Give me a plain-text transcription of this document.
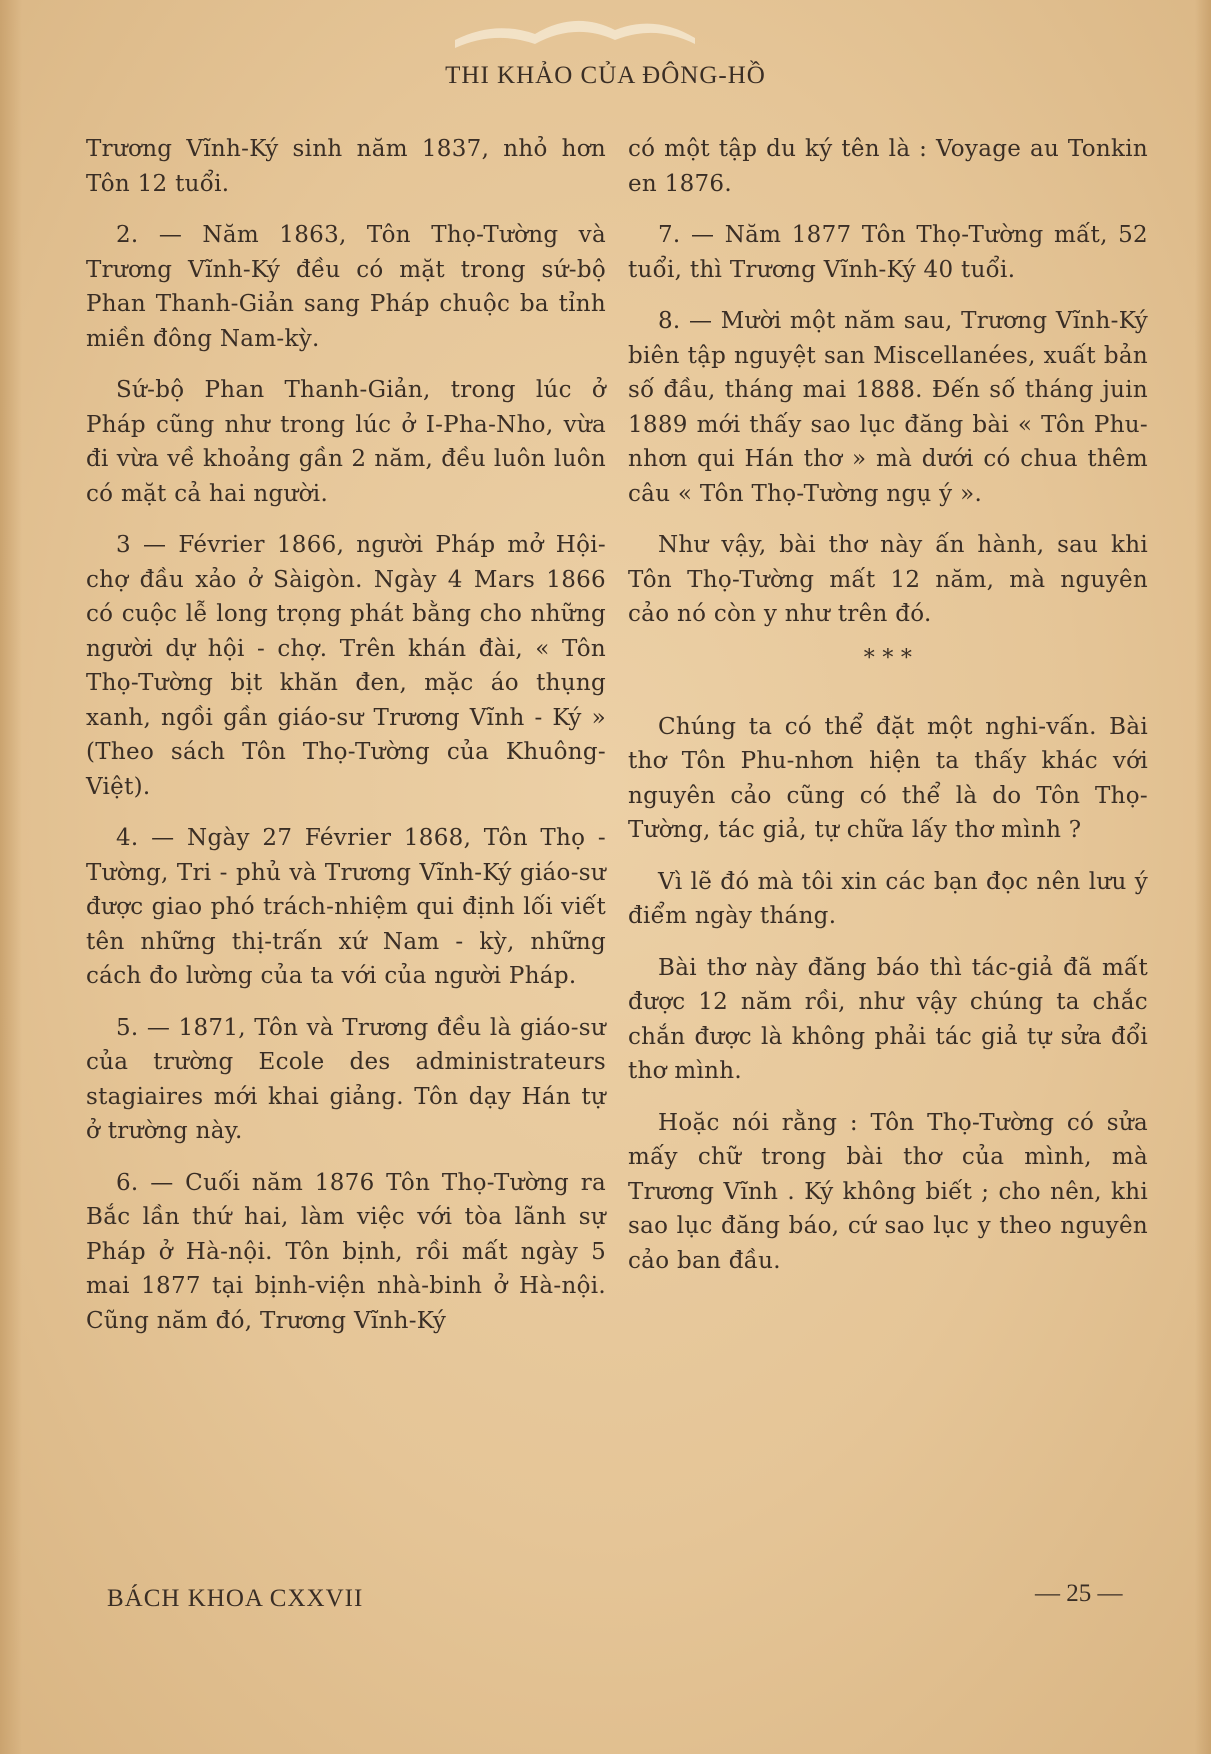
THI KHẢO CỦA ĐÔNG-HỒ

Trương Vĩnh-Ký sinh năm 1837, nhỏ hơn Tôn 12 tuổi.

2. — Năm 1863, Tôn Thọ-Tường và Trương Vĩnh-Ký đều có mặt trong sứ-bộ Phan Thanh-Giản sang Pháp chuộc ba tỉnh miền đông Nam-kỳ.

Sứ-bộ Phan Thanh-Giản, trong lúc ở Pháp cũng như trong lúc ở I-Pha-Nho, vừa đi vừa về khoảng gần 2 năm, đều luôn luôn có mặt cả hai người.

3 — Février 1866, người Pháp mở Hội-chợ đầu xảo ở Sàigòn. Ngày 4 Mars 1866 có cuộc lễ long trọng phát bằng cho những người dự hội - chợ. Trên khán đài, « Tôn Thọ-Tường bịt khăn đen, mặc áo thụng xanh, ngồi gần giáo-sư Trương Vĩnh - Ký » (Theo sách Tôn Thọ-Tường của Khuông-Việt).

4. — Ngày 27 Février 1868, Tôn Thọ - Tường, Tri - phủ và Trương Vĩnh-Ký giáo-sư được giao phó trách-nhiệm qui định lối viết tên những thị-trấn xứ Nam - kỳ, những cách đo lường của ta với của người Pháp.

5. — 1871, Tôn và Trương đều là giáo-sư của trường Ecole des administrateurs stagiaires mới khai giảng. Tôn dạy Hán tự ở trường này.

6. — Cuối năm 1876 Tôn Thọ-Tường ra Bắc lần thứ hai, làm việc với tòa lãnh sự Pháp ở Hà-nội. Tôn bịnh, rồi mất ngày 5 mai 1877 tại bịnh-viện nhà-binh ở Hà-nội. Cũng năm đó, Trương Vĩnh-Ký

có một tập du ký tên là : Voyage au Tonkin en 1876.

7. — Năm 1877 Tôn Thọ-Tường mất, 52 tuổi, thì Trương Vĩnh-Ký 40 tuổi.

8. — Mười một năm sau, Trương Vĩnh-Ký biên tập nguyệt san Miscellanées, xuất bản số đầu, tháng mai 1888. Đến số tháng juin 1889 mới thấy sao lục đăng bài « Tôn Phu-nhơn qui Hán thơ » mà dưới có chua thêm câu « Tôn Thọ-Tường ngụ ý ».

Như vậy, bài thơ này ấn hành, sau khi Tôn Thọ-Tường mất 12 năm, mà nguyên cảo nó còn y như trên đó.

* * *

Chúng ta có thể đặt một nghi-vấn. Bài thơ Tôn Phu-nhơn hiện ta thấy khác với nguyên cảo cũng có thể là do Tôn Thọ-Tường, tác giả, tự chữa lấy thơ mình ?

Vì lẽ đó mà tôi xin các bạn đọc nên lưu ý điểm ngày tháng.

Bài thơ này đăng báo thì tác-giả đã mất được 12 năm rồi, như vậy chúng ta chắc chắn được là không phải tác giả tự sửa đổi thơ mình.

Hoặc nói rằng : Tôn Thọ-Tường có sửa mấy chữ trong bài thơ của mình, mà Trương Vĩnh . Ký không biết ; cho nên, khi sao lục đăng báo, cứ sao lục y theo nguyên cảo ban đầu.

BÁCH KHOA CXXVII	— 25 —
